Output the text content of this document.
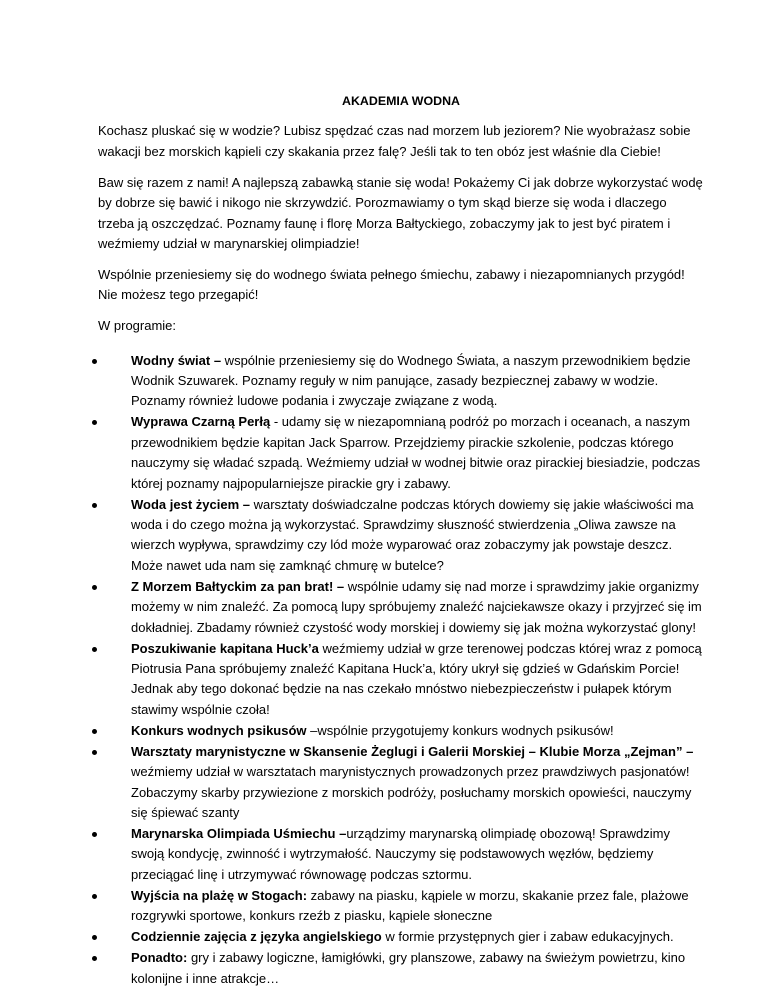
AKADEMIA WODNA

Kochasz pluskać się w wodzie? Lubisz spędzać czas nad morzem lub jeziorem? Nie wyobrażasz sobie wakacji bez morskich kąpieli czy skakania przez falę? Jeśli tak to ten obóz jest właśnie dla Ciebie!

Baw się razem z nami! A najlepszą zabawką stanie się woda! Pokażemy Ci jak dobrze wykorzystać wodę by dobrze się bawić i nikogo nie skrzywdzić. Porozmawiamy o tym skąd bierze się woda i dlaczego trzeba ją oszczędzać. Poznamy faunę i florę Morza Bałtyckiego, zobaczymy jak to jest być piratem i weźmiemy udział w marynarskiej olimpiadzie!

Wspólnie przeniesiemy się do wodnego świata pełnego śmiechu, zabawy i niezapomnianych przygód! Nie możesz tego przegapić!

W programie:

Wodny świat – wspólnie przeniesiemy się do Wodnego Świata, a naszym przewodnikiem będzie Wodnik Szuwarek. Poznamy reguły w nim panujące, zasady bezpiecznej zabawy w wodzie. Poznamy również ludowe podania i zwyczaje związane z wodą.
Wyprawa Czarną Perłą - udamy się w niezapomnianą podróż po morzach i oceanach, a naszym przewodnikiem będzie kapitan Jack Sparrow. Przejdziemy pirackie szkolenie, podczas którego nauczymy się władać szpadą. Weźmiemy udział w wodnej bitwie oraz pirackiej biesiadzie, podczas której poznamy najpopularniejsze pirackie gry i zabawy.
Woda jest życiem – warsztaty doświadczalne podczas których dowiemy się jakie właściwości ma woda i do czego można ją wykorzystać. Sprawdzimy słuszność stwierdzenia „Oliwa zawsze na wierzch wypływa, sprawdzimy czy lód może wyparować oraz zobaczymy jak powstaje deszcz. Może nawet uda nam się zamknąć chmurę w butelce?
Z Morzem Bałtyckim za pan brat! – wspólnie udamy się nad morze i sprawdzimy jakie organizmy możemy w nim znaleźć. Za pomocą lupy spróbujemy znaleźć najciekawsze okazy i przyjrzeć się im dokładniej. Zbadamy również czystość wody morskiej i dowiemy się jak można wykorzystać glony!
Poszukiwanie kapitana Huck’a weźmiemy udział w grze terenowej podczas której wraz z pomocą Piotrusia Pana spróbujemy znaleźć Kapitana Huck’a, który ukrył się gdzieś w Gdańskim Porcie! Jednak aby tego dokonać będzie na nas czekało mnóstwo niebezpieczeństw i pułapek którym stawimy wspólnie czoła!
Konkurs wodnych psikusów –wspólnie przygotujemy konkurs wodnych psikusów!
Warsztaty marynistyczne w Skansenie Żeglugi i Galerii Morskiej – Klubie Morza „Zejman” – weźmiemy udział w warsztatach marynistycznych prowadzonych przez prawdziwych pasjonatów! Zobaczymy skarby przywiezione z morskich podróży, posłuchamy morskich opowieści, nauczymy się śpiewać szanty
Marynarska Olimpiada Uśmiechu –urządzimy marynarską olimpiadę obozową! Sprawdzimy swoją kondycję, zwinność i wytrzymałość. Nauczymy się podstawowych węzłów, będziemy przeciągać linę i utrzymywać równowagę podczas sztormu.
Wyjścia na plażę w Stogach: zabawy na piasku, kąpiele w morzu, skakanie przez fale, plażowe rozgrywki sportowe, konkurs rzeźb z piasku, kąpiele słoneczne
Codziennie zajęcia z języka angielskiego w formie przystępnych gier i zabaw edukacyjnych.
Ponadto: gry i zabawy logiczne, łamigłówki, gry planszowe, zabawy na świeżym powietrzu, kino kolonijne i inne atrakcje…
